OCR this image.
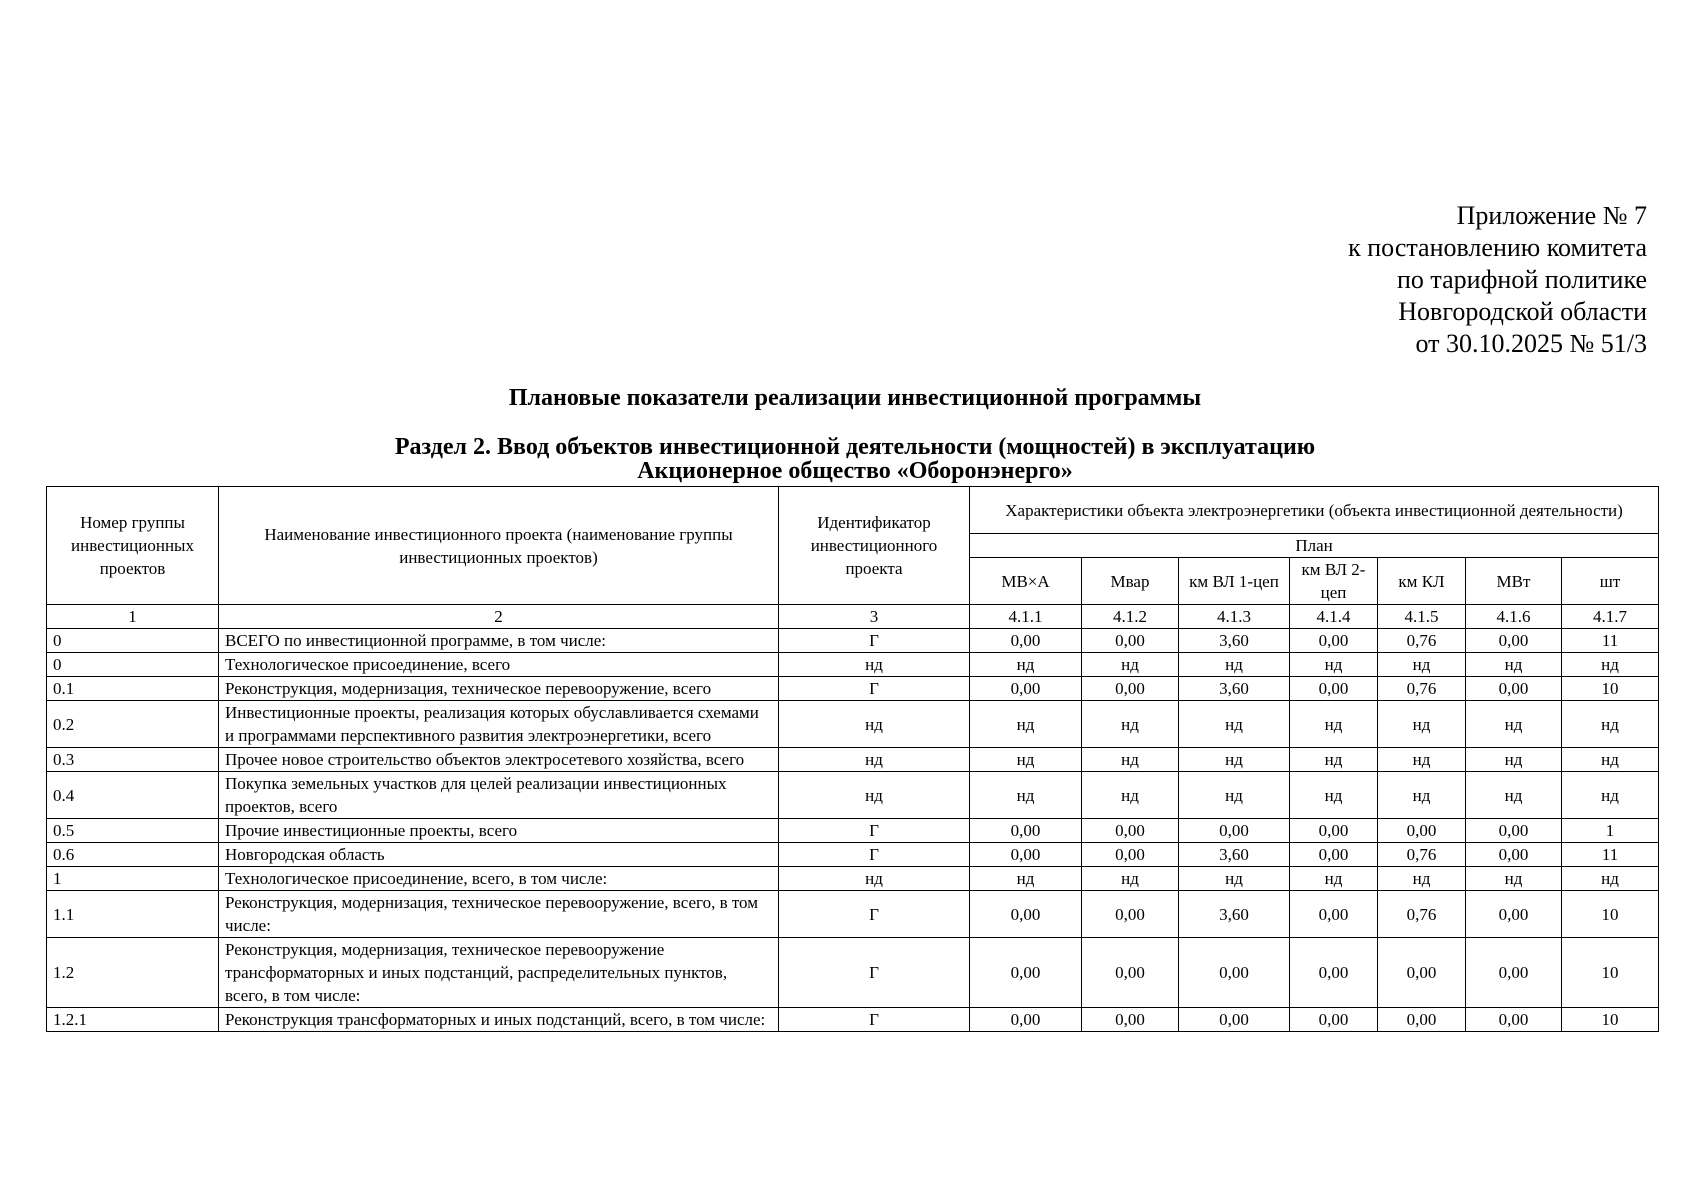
Приложение № 7
к постановлению комитета
по тарифной политике
Новгородской области
от 30.10.2025 № 51/3
Плановые показатели реализации инвестиционной программы
Раздел 2. Ввод объектов инвестиционной деятельности (мощностей) в эксплуатацию
Акционерное общество «Оборонэнерго»
Номер группы инвестиционных проектов	Наименование инвестиционного проекта (наименование группы инвестиционных проектов)	Идентификатор инвестиционного проекта	Характеристики объекта электроэнергетики (объекта инвестиционной деятельности)						
			План						
			МВ×А	Мвар	км ВЛ 1-цеп	км ВЛ 2-цеп	км КЛ	МВт	шт
1	2	3	4.1.1	4.1.2	4.1.3	4.1.4	4.1.5	4.1.6	4.1.7
0	ВСЕГО по инвестиционной программе, в том числе:	Г	0,00	0,00	3,60	0,00	0,76	0,00	11
0	Технологическое присоединение, всего	нд	нд	нд	нд	нд	нд	нд	нд
0.1	Реконструкция, модернизация, техническое перевооружение, всего	Г	0,00	0,00	3,60	0,00	0,76	0,00	10
0.2	Инвестиционные проекты, реализация которых обуславливается схемами и программами перспективного развития электроэнергетики, всего	нд	нд	нд	нд	нд	нд	нд	нд
0.3	Прочее новое строительство объектов электросетевого хозяйства, всего	нд	нд	нд	нд	нд	нд	нд	нд
0.4	Покупка земельных участков для целей реализации инвестиционных проектов, всего	нд	нд	нд	нд	нд	нд	нд	нд
0.5	Прочие инвестиционные проекты, всего	Г	0,00	0,00	0,00	0,00	0,00	0,00	1
0.6	Новгородская область	Г	0,00	0,00	3,60	0,00	0,76	0,00	11
1	Технологическое присоединение, всего, в том числе:	нд	нд	нд	нд	нд	нд	нд	нд
1.1	Реконструкция, модернизация, техническое перевооружение, всего, в том числе:	Г	0,00	0,00	3,60	0,00	0,76	0,00	10
1.2	Реконструкция, модернизация, техническое перевооружение трансформаторных и иных подстанций, распределительных пунктов, всего, в том числе:	Г	0,00	0,00	0,00	0,00	0,00	0,00	10
1.2.1	Реконструкция трансформаторных и иных подстанций, всего, в том числе:	Г	0,00	0,00	0,00	0,00	0,00	0,00	10
